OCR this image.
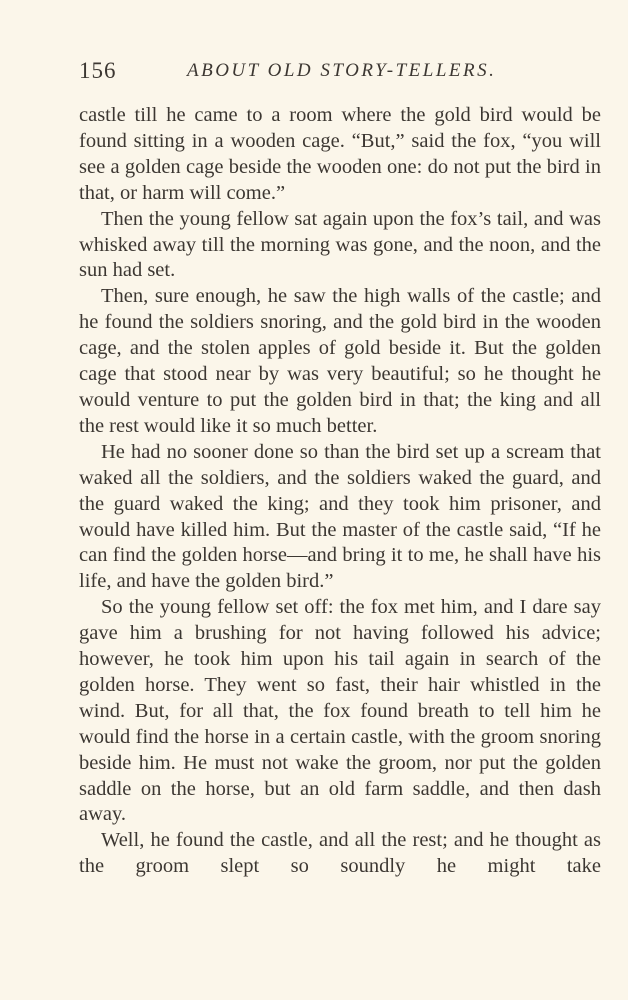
156	ABOUT OLD STORY-TELLERS.

castle till he came to a room where the gold bird would be found sitting in a wooden cage. “But,” said the fox, “you will see a golden cage beside the wooden one: do not put the bird in that, or harm will come.”

Then the young fellow sat again upon the fox’s tail, and was whisked away till the morning was gone, and the noon, and the sun had set.

Then, sure enough, he saw the high walls of the castle; and he found the soldiers snoring, and the gold bird in the wooden cage, and the stolen apples of gold beside it. But the golden cage that stood near by was very beautiful; so he thought he would venture to put the golden bird in that; the king and all the rest would like it so much better.

He had no sooner done so than the bird set up a scream that waked all the soldiers, and the soldiers waked the guard, and the guard waked the king; and they took him prisoner, and would have killed him. But the master of the castle said, “If he can find the golden horse—and bring it to me, he shall have his life, and have the golden bird.”

So the young fellow set off: the fox met him, and I dare say gave him a brushing for not having followed his advice; however, he took him upon his tail again in search of the golden horse. They went so fast, their hair whistled in the wind. But, for all that, the fox found breath to tell him he would find the horse in a certain castle, with the groom snoring beside him. He must not wake the groom, nor put the golden saddle on the horse, but an old farm saddle, and then dash away.

Well, he found the castle, and all the rest; and he thought as the groom slept so soundly he might take
